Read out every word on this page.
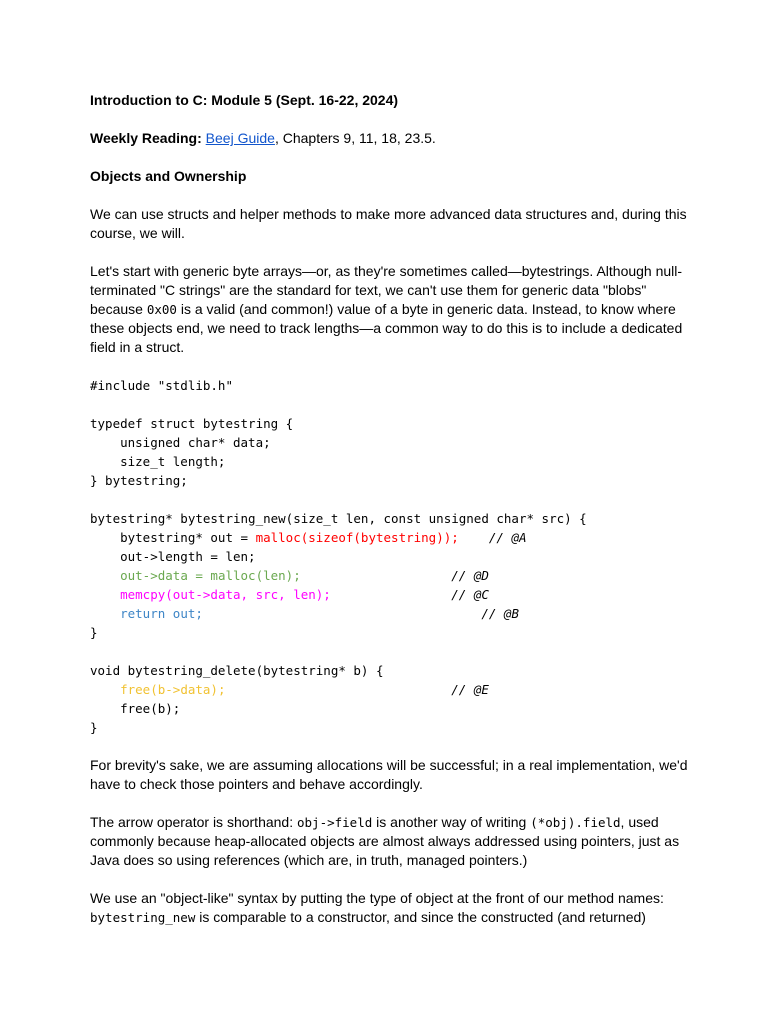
Introduction to C: Module 5 (Sept. 16-22, 2024)
Weekly Reading: Beej Guide, Chapters 9, 11, 18, 23.5.
Objects and Ownership

We can use structs and helper methods to make more advanced data structures and, during this course, we will.

Let's start with generic byte arrays—or, as they're sometimes called—bytestrings. Although null-terminated "C strings" are the standard for text, we can't use them for generic data "blobs" because 0x00 is a valid (and common!) value of a byte in generic data. Instead, to know where these objects end, we need to track lengths—a common way to do this is to include a dedicated field in a struct.

#include "stdlib.h"

typedef struct bytestring {
unsigned char* data;
size_t length;
} bytestring;

bytestring* bytestring_new(size_t len, const unsigned char* src) {
bytestring* out = malloc(sizeof(bytestring)); // @A
out->length = len;
out->data = malloc(len);	// @D
memcpy(out->data, src, len);	// @C
return out;	// @B
}

void bytestring_delete(bytestring* b) {
free(b->data);	// @E
free(b);
}

For brevity's sake, we are assuming allocations will be successful; in a real implementation, we'd have to check those pointers and behave accordingly.

The arrow operator is shorthand: obj->field is another way of writing (*obj).field, used commonly because heap-allocated objects are almost always addressed using pointers, just as Java does so using references (which are, in truth, managed pointers.)

We use an "object-like" syntax by putting the type of object at the front of our method names:
bytestring_new is comparable to a constructor, and since the constructed (and returned)
